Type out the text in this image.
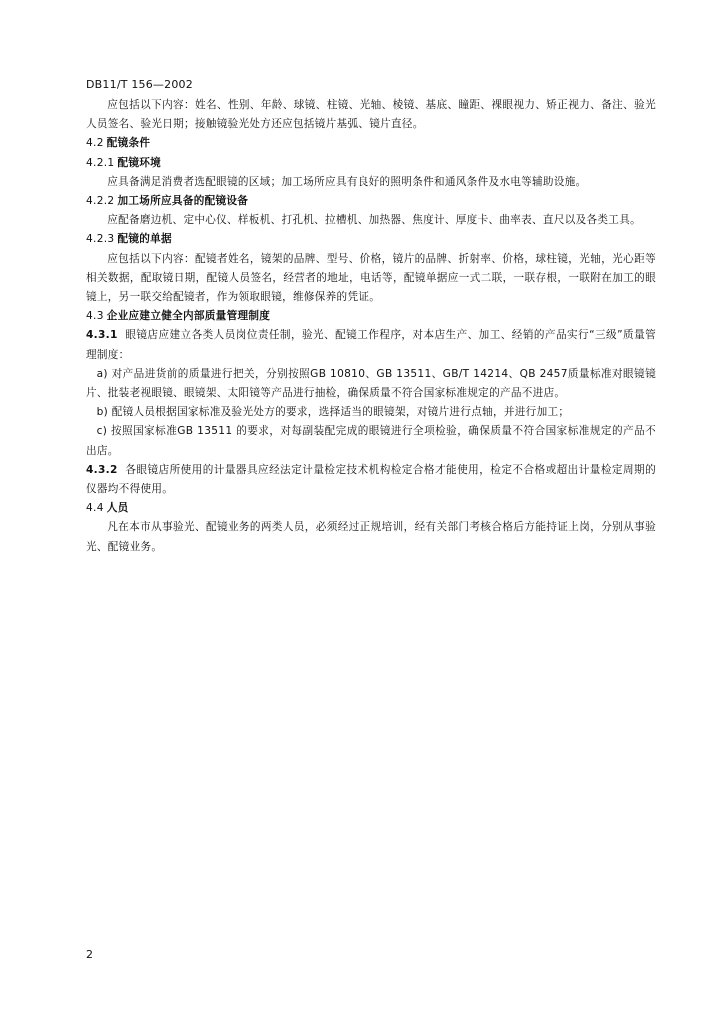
DB11/T 156—2002

应包括以下内容：姓名、性别、年龄、球镜、柱镜、光轴、棱镜、基底、瞳距、裸眼视力、矫正视力、备注、验光人员签名、验光日期；接触镜验光处方还应包括镜片基弧、镜片直径。

4.2 配镜条件

4.2.1 配镜环境

应具备满足消费者选配眼镜的区域；加工场所应具有良好的照明条件和通风条件及水电等辅助设施。

4.2.2 加工场所应具备的配镜设备

应配备磨边机、定中心仪、样板机、打孔机、拉槽机、加热器、焦度计、厚度卡、曲率表、直尺以及各类工具。

4.2.3 配镜的单据

应包括以下内容：配镜者姓名，镜架的品牌、型号、价格，镜片的品牌、折射率、价格，球柱镜，光轴，光心距等相关数据，配取镜日期，配镜人员签名，经营者的地址，电话等，配镜单据应一式二联，一联存根，一联附在加工的眼镜上，另一联交给配镜者，作为领取眼镜，维修保养的凭证。

4.3 企业应建立健全内部质量管理制度

4.3.1 眼镜店应建立各类人员岗位责任制，验光、配镜工作程序，对本店生产、加工、经销的产品实行“三级”质量管理制度：

a) 对产品进货前的质量进行把关，分别按照GB 10810、GB 13511、GB/T 14214、QB 2457质量标准对眼镜镜片、批装老视眼镜、眼镜架、太阳镜等产品进行抽检，确保质量不符合国家标准规定的产品不进店。

b) 配镜人员根据国家标准及验光处方的要求，选择适当的眼镜架，对镜片进行点轴，并进行加工；

c) 按照国家标准GB 13511 的要求，对每副装配完成的眼镜进行全项检验，确保质量不符合国家标准规定的产品不出店。

4.3.2 各眼镜店所使用的计量器具应经法定计量检定技术机构检定合格才能使用，检定不合格或超出计量检定周期的仪器均不得使用。

4.4 人员

凡在本市从事验光、配镜业务的两类人员，必须经过正规培训，经有关部门考核合格后方能持证上岗，分别从事验光、配镜业务。

2
